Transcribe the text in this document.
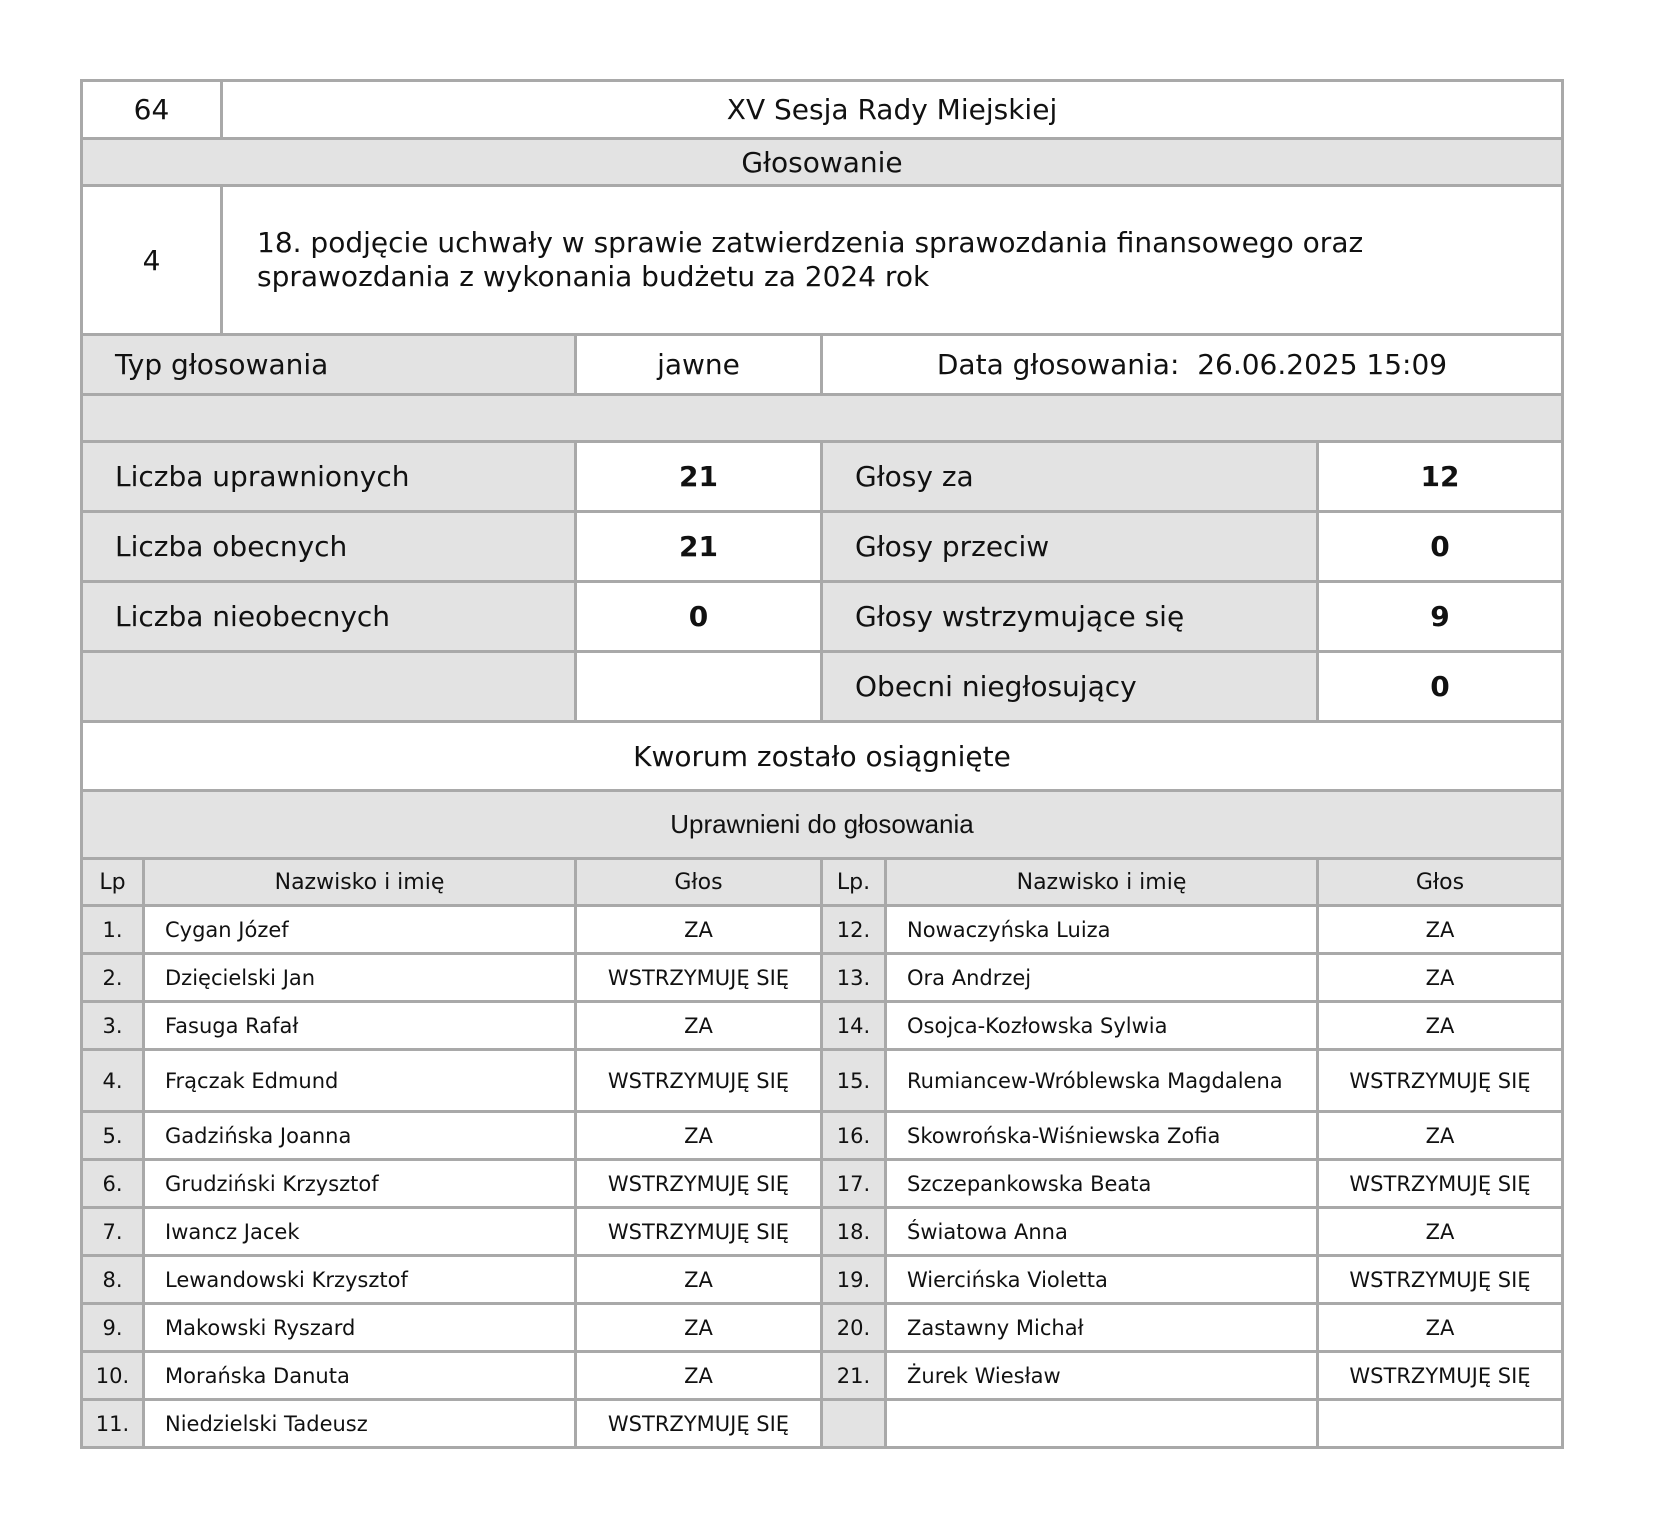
64	XV Sesja Rady Miejskiej
Głosowanie	
4	18. podjęcie uchwały w sprawie zatwierdzenia sprawozdania finansowego oraz sprawozdania z wykonania budżetu za 2024 rok
Typ głosowania	jawne	Data głosowania: 26.06.2025 15:09	

Liczba uprawnionych	21	Głosy za	12
Liczba obecnych	21	Głosy przeciw	0
Liczba nieobecnych	0	Głosy wstrzymujące się	9
		Obecni niegłosujący	0
Kworum zostało osiągnięte			
Uprawnieni do głosowania			
Lp	Nazwisko i imię	Głos	Lp.	Nazwisko i imię	Głos
1.	Cygan Józef	ZA	12.	Nowaczyńska Luiza	ZA
2.	Dzięcielski Jan	WSTRZYMUJĘ SIĘ	13.	Ora Andrzej	ZA
3.	Fasuga Rafał	ZA	14.	Osojca-Kozłowska Sylwia	ZA
4.	Frączak Edmund	WSTRZYMUJĘ SIĘ	15.	Rumiancew-Wróblewska Magdalena	WSTRZYMUJĘ SIĘ
5.	Gadzińska Joanna	ZA	16.	Skowrońska-Wiśniewska Zofia	ZA
6.	Grudziński Krzysztof	WSTRZYMUJĘ SIĘ	17.	Szczepankowska Beata	WSTRZYMUJĘ SIĘ
7.	Iwancz Jacek	WSTRZYMUJĘ SIĘ	18.	Światowa Anna	ZA
8.	Lewandowski Krzysztof	ZA	19.	Wiercińska Violetta	WSTRZYMUJĘ SIĘ
9.	Makowski Ryszard	ZA	20.	Zastawny Michał	ZA
10.	Morańska Danuta	ZA	21.	Żurek Wiesław	WSTRZYMUJĘ SIĘ
11.	Niedzielski Tadeusz	WSTRZYMUJĘ SIĘ			
